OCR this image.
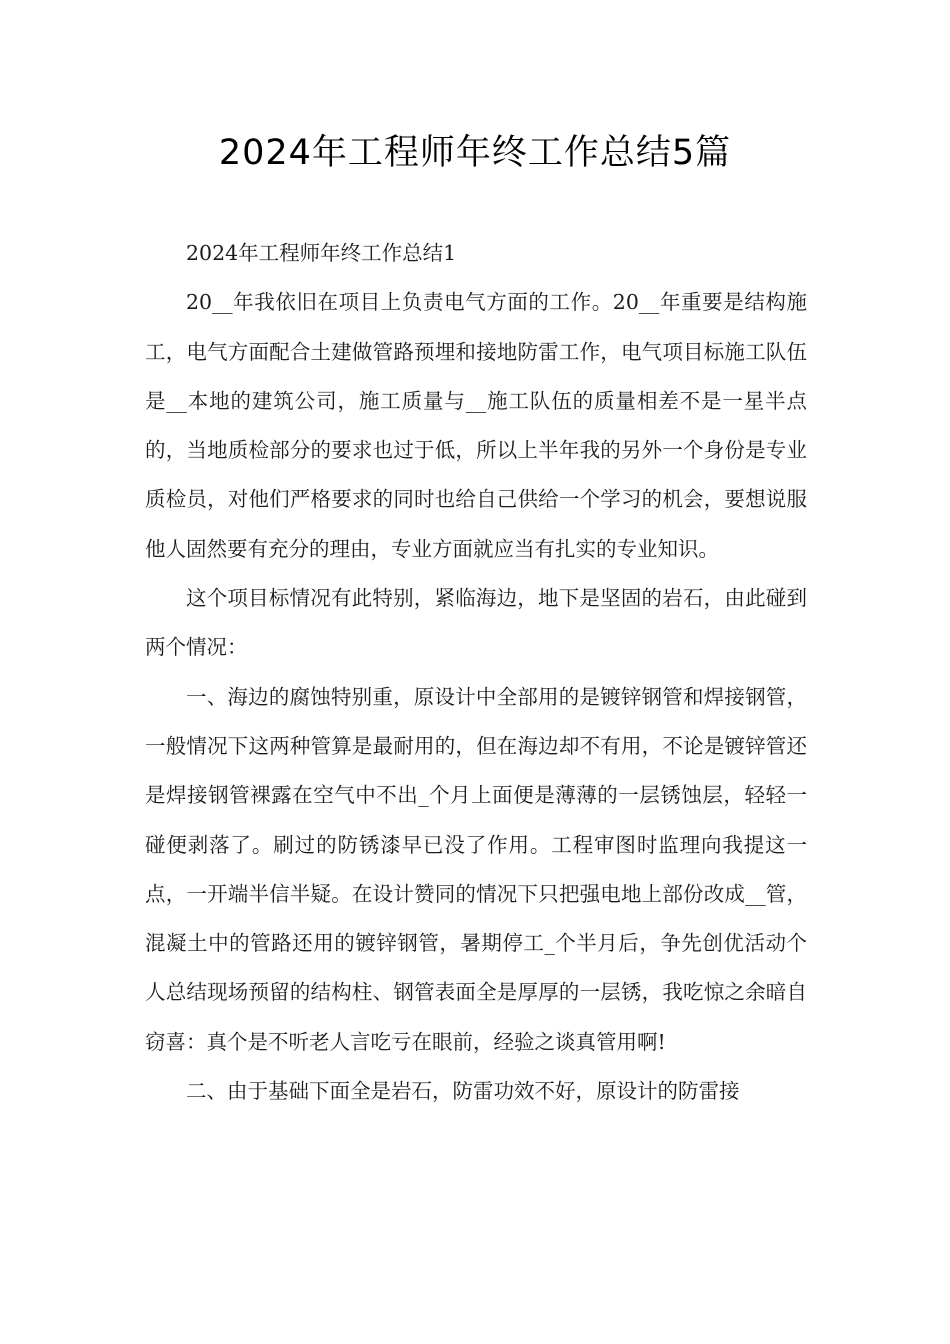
2024年工程师年终工作总结5篇

2024年工程师年终工作总结1

20__年我依旧在项目上负责电气方面的工作。20__年重要是结构施工，电气方面配合土建做管路预埋和接地防雷工作，电气项目标施工队伍是__本地的建筑公司，施工质量与__施工队伍的质量相差不是一星半点的，当地质检部分的要求也过于低，所以上半年我的另外一个身份是专业质检员，对他们严格要求的同时也给自己供给一个学习的机会，要想说服他人固然要有充分的理由，专业方面就应当有扎实的专业知识。

这个项目标情况有此特别，紧临海边，地下是坚固的岩石，由此碰到两个情况：

一、海边的腐蚀特别重，原设计中全部用的是镀锌钢管和焊接钢管，一般情况下这两种管算是最耐用的，但在海边却不有用，不论是镀锌管还是焊接钢管裸露在空气中不出_个月上面便是薄薄的一层锈蚀层，轻轻一碰便剥落了。刷过的防锈漆早已没了作用。工程审图时监理向我提这一点，一开端半信半疑。在设计赞同的情况下只把强电地上部份改成__管，混凝土中的管路还用的镀锌钢管，暑期停工_个半月后，争先创优活动个人总结现场预留的结构柱、钢管表面全是厚厚的一层锈，我吃惊之余暗自窃喜：真个是不听老人言吃亏在眼前，经验之谈真管用啊!

二、由于基础下面全是岩石，防雷功效不好，原设计的防雷接
